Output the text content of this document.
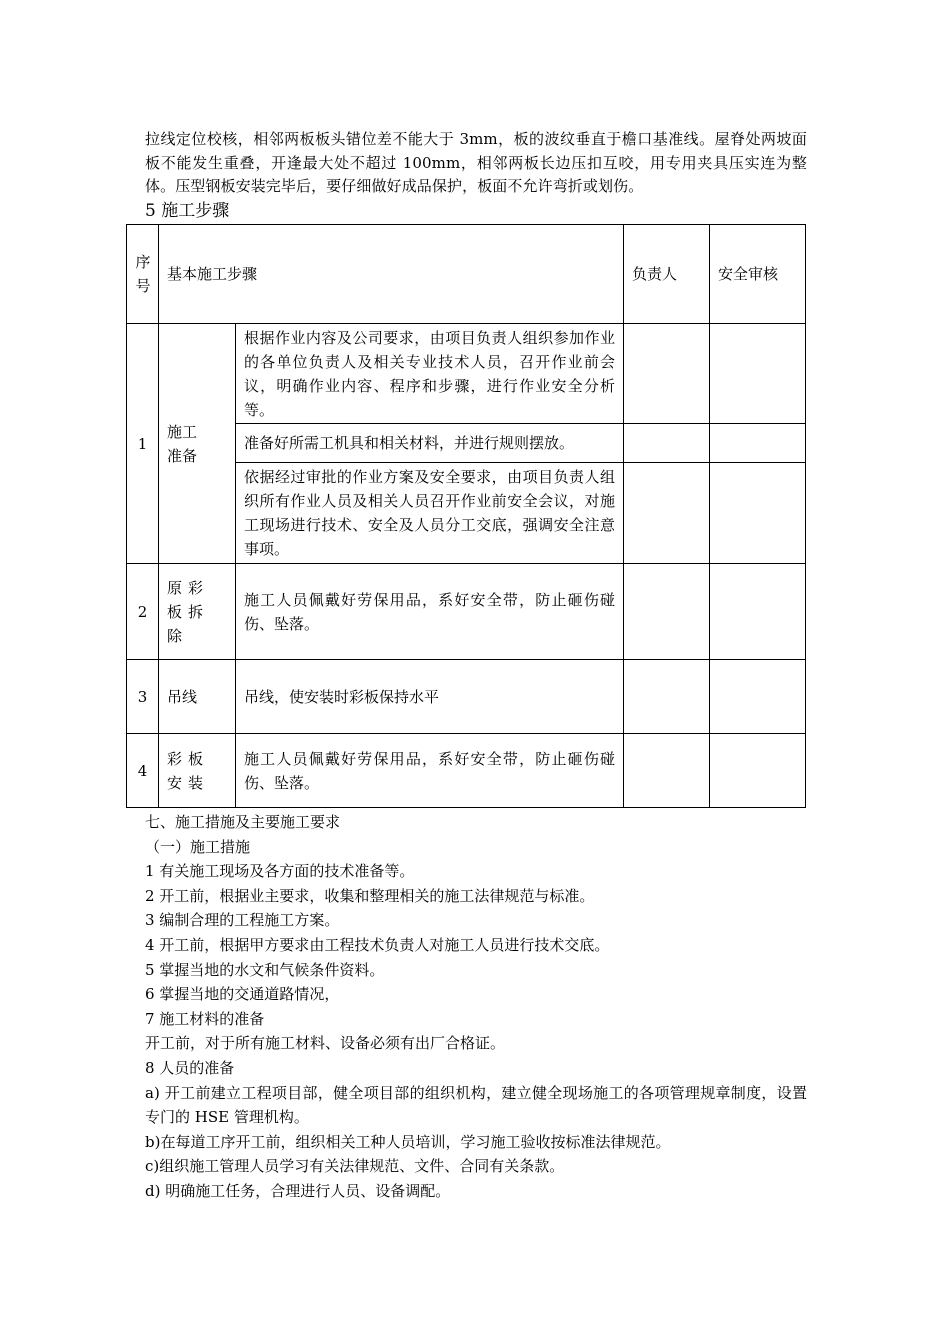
拉线定位校核，相邻两板板头错位差不能大于 3mm，板的波纹垂直于檐口基准线。屋脊处两坡面板不能发生重叠，开逢最大处不超过 100mm，相邻两板长边压扣互咬，用专用夹具压实连为整体。压型钢板安装完毕后，要仔细做好成品保护，板面不允许弯折或划伤。
5 施工步骤
序号	基本施工步骤		负责人	安全审核
1	施工准备	根据作业内容及公司要求，由项目负责人组织参加作业的各单位负责人及相关专业技术人员，召开作业前会议，明确作业内容、程序和步骤，进行作业安全分析等。		
		准备好所需工机具和相关材料，并进行规则摆放。		
		依据经过审批的作业方案及安全要求，由项目负责人组织所有作业人员及相关人员召开作业前安全会议，对施工现场进行技术、安全及人员分工交底，强调安全注意事项。		
2	原彩板拆除	施工人员佩戴好劳保用品，系好安全带，防止砸伤碰伤、坠落。		
3	吊线	吊线，使安装时彩板保持水平		
4	彩板安装	施工人员佩戴好劳保用品，系好安全带，防止砸伤碰伤、坠落。		
七、施工措施及主要施工要求
（一）施工措施
1 有关施工现场及各方面的技术准备等。
2 开工前，根据业主要求，收集和整理相关的施工法律规范与标准。
3 编制合理的工程施工方案。
4 开工前，根据甲方要求由工程技术负责人对施工人员进行技术交底。
5 掌握当地的水文和气候条件资料。
6 掌握当地的交通道路情况，
7 施工材料的准备
开工前，对于所有施工材料、设备必须有出厂合格证。
8 人员的准备
a) 开工前建立工程项目部，健全项目部的组织机构，建立健全现场施工的各项管理规章制度，设置专门的 HSE 管理机构。
b)在每道工序开工前，组织相关工种人员培训，学习施工验收按标准法律规范。
c)组织施工管理人员学习有关法律规范、文件、合同有关条款。
d) 明确施工任务，合理进行人员、设备调配。
